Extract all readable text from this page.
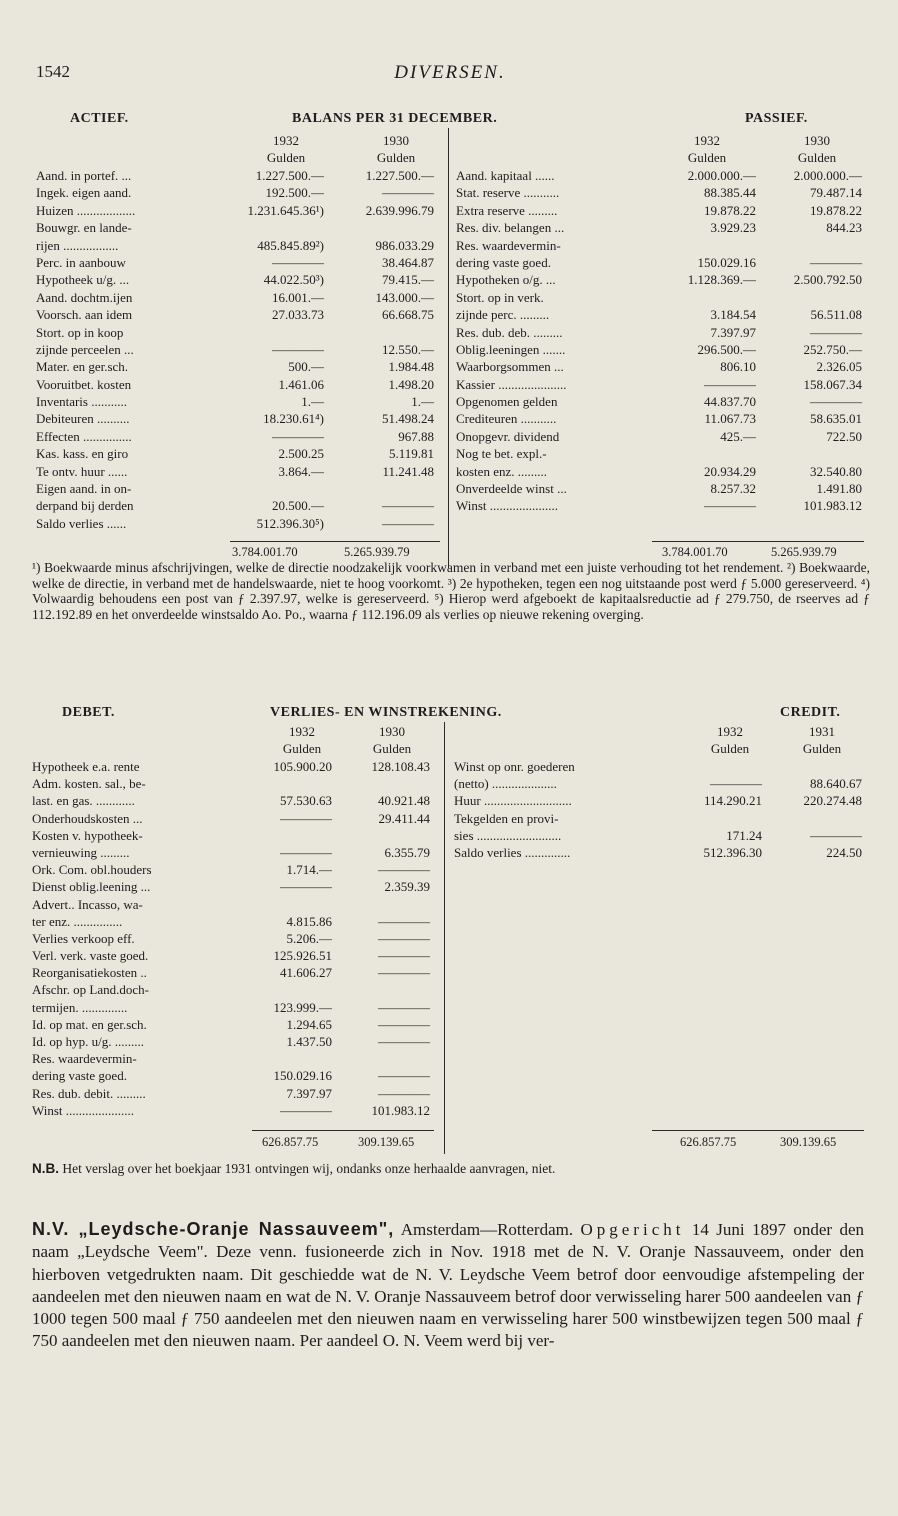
1542	DIVERSEN.
ACTIEF.	BALANS PER 31 DECEMBER.	PASSIEF.
1932
Gulden
1930
Gulden
1932
Gulden
1930
Gulden
Aand. in portef. ...	1.227.500.—	1.227.500.—
Ingek. eigen aand.	192.500.—	————
Huizen ..................	1.231.645.36¹)	2.639.996.79
Bouwgr. en lande-
rijen .................	485.845.89²)	986.033.29
Perc. in aanbouw	————	38.464.87
Hypotheek u/g. ...	44.022.50³)	79.415.—
Aand. dochtm.ijen	16.001.—	143.000.—
Voorsch. aan idem	27.033.73	66.668.75
Stort. op in koop
zijnde perceelen ...	————	12.550.—
Mater. en ger.sch.	500.—	1.984.48
Vooruitbet. kosten	1.461.06	1.498.20
Inventaris ...........	1.—	1.—
Debiteuren ..........	18.230.61⁴)	51.498.24
Effecten ...............	————	967.88
Kas. kass. en giro	2.500.25	5.119.81
Te ontv. huur ......	3.864.—	11.241.48
Eigen aand. in on-
derpand bij derden	20.500.—	————
Saldo verlies ......	512.396.30⁵)	————
Aand. kapitaal ......	2.000.000.—	2.000.000.—
Stat. reserve ...........	88.385.44	79.487.14
Extra reserve .........	19.878.22	19.878.22
Res. div. belangen ...	3.929.23	844.23
Res. waardevermin-
dering vaste goed.	150.029.16	————
Hypotheken o/g. ...	1.128.369.—	2.500.792.50
Stort. op in verk.
zijnde perc. .........	3.184.54	56.511.08
Res. dub. deb. .........	7.397.97	————
Oblig.leeningen .......	296.500.—	252.750.—
Waarborgsommen ...	806.10	2.326.05
Kassier .....................	————	158.067.34
Opgenomen gelden	44.837.70	————
Crediteuren ...........	11.067.73	58.635.01
Onopgevr. dividend	425.—	722.50
Nog te bet. expl.-
kosten enz. .........	20.934.29	32.540.80
Onverdeelde winst ...	8.257.32	1.491.80
Winst .....................	————	101.983.12
3.784.001.70	5.265.939.79	3.784.001.70	5.265.939.79
¹) Boekwaarde minus afschrijvingen, welke de directie noodzakelijk voorkwamen in verband met een juiste verhouding tot het rendement. ²) Boekwaarde, welke de directie, in verband met de handelswaarde, niet te hoog voorkomt. ³) 2e hypotheken, tegen een nog uitstaande post werd ƒ 5.000 gereserveerd. ⁴) Volwaardig behoudens een post van ƒ 2.397.97, welke is gereserveerd. ⁵) Hierop werd afgeboekt de kapitaalsreductie ad ƒ 279.750, de rseerves ad ƒ 112.192.89 en het onverdeelde winstsaldo Ao. Po., waarna ƒ 112.196.09 als verlies op nieuwe rekening overging.
DEBET.	VERLIES- EN WINSTREKENING.	CREDIT.
1932
Gulden
1930
Gulden
1932
Gulden
1931
Gulden
Hypotheek e.a. rente	105.900.20	128.108.43
Adm. kosten. sal., be-
last. en gas. ............	57.530.63	40.921.48
Onderhoudskosten ...	————	29.411.44
Kosten v. hypotheek-
vernieuwing .........	————	6.355.79
Ork. Com. obl.houders	1.714.—	————
Dienst oblig.leening ...	————	2.359.39
Advert.. Incasso, wa-
ter enz. ...............	4.815.86	————
Verlies verkoop eff.	5.206.—	————
Verl. verk. vaste goed.	125.926.51	————
Reorganisatiekosten ..	41.606.27	————
Afschr. op Land.doch-
termijen. ..............	123.999.—	————
Id. op mat. en ger.sch.	1.294.65	————
Id. op hyp. u/g. .........	1.437.50	————
Res. waardevermin-
dering vaste goed.	150.029.16	————
Res. dub. debit. .........	7.397.97	————
Winst .....................	————	101.983.12
Winst op onr. goederen
(netto) ....................	————	88.640.67
Huur ...........................	114.290.21	220.274.48
Tekgelden en provi-
sies ..........................	171.24	————
Saldo verlies ..............	512.396.30	224.50
626.857.75	309.139.65	626.857.75	309.139.65
N.B. Het verslag over het boekjaar 1931 ontvingen wij, ondanks onze herhaalde aanvragen, niet.
N.V. „Leydsche-Oranje Nassauveem", Amsterdam—Rotterdam. Opgericht 14 Juni 1897 onder den naam „Leydsche Veem". Deze venn. fusioneerde zich in Nov. 1918 met de N. V. Oranje Nassauveem, onder den hierboven vetgedrukten naam. Dit geschiedde wat de N. V. Leydsche Veem betrof door eenvoudige afstempeling der aandeelen met den nieuwen naam en wat de N. V. Oranje Nassauveem betrof door verwisseling harer 500 aandeelen van ƒ 1000 tegen 500 maal ƒ 750 aandeelen met den nieuwen naam en verwisseling harer 500 winstbewijzen tegen 500 maal ƒ 750 aandeelen met den nieuwen naam. Per aandeel O. N. Veem werd bij ver-
